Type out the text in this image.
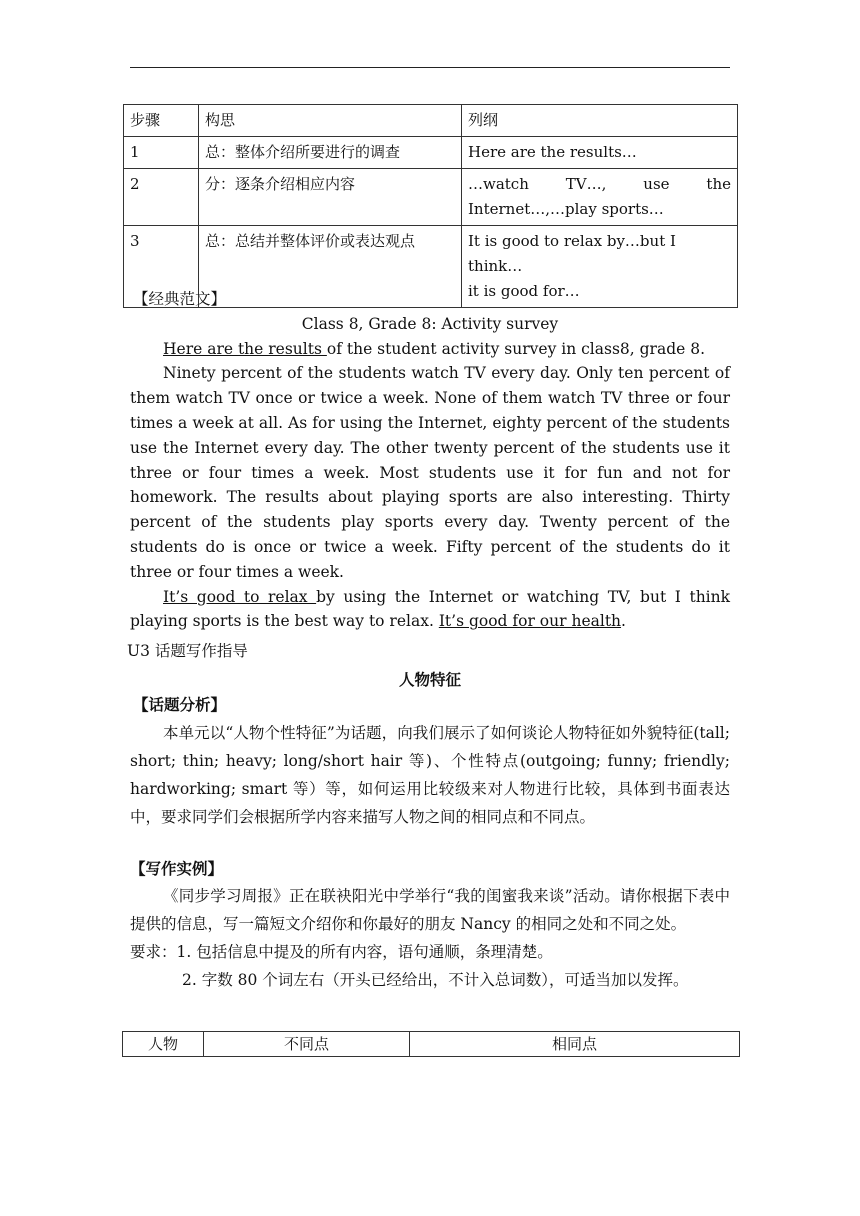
步骤	构思	列纲
1	总：整体介绍所要进行的调查	Here are the results…
2	分：逐条介绍相应内容	…watch TV…, use the
Internet…,…play sports…

3	总：总结并整体评价或表达观点	It is good to relax by…but I think…
it is good for…
【经典范文】
Class 8, Grade 8: Activity survey

Here are the results of the student activity survey in class8, grade 8.

Ninety percent of the students watch TV every day. Only ten percent of them watch TV once or twice a week. None of them watch TV three or four times a week at all. As for using the Internet, eighty percent of the students use the Internet every day. The other twenty percent of the students use it three or four times a week. Most students use it for fun and not for homework. The results about playing sports are also interesting. Thirty percent of the students play sports every day. Twenty percent of the students do is once or twice a week. Fifty percent of the students do it three or four times a week.

It’s good to relax by using the Internet or watching TV, but I think playing sports is the best way to relax. It’s good for our health.

U3 话题写作指导
人物特征
【话题分析】

本单元以“人物个性特征”为话题，向我们展示了如何谈论人物特征如外貌特征(tall; short; thin; heavy; long/short hair 等)、个性特点(outgoing; funny; friendly; hardworking; smart 等）等，如何运用比较级来对人物进行比较，具体到书面表达中，要求同学们会根据所学内容来描写人物之间的相同点和不同点。

【写作实例】

《同步学习周报》正在联袂阳光中学举行“我的闺蜜我来谈”活动。请你根据下表中提供的信息，写一篇短文介绍你和你最好的朋友 Nancy 的相同之处和不同之处。

要求：1. 包括信息中提及的所有内容，语句通顺，条理清楚。
2. 字数 80 个词左右（开头已经给出，不计入总词数），可适当加以发挥。
人物	不同点	相同点
